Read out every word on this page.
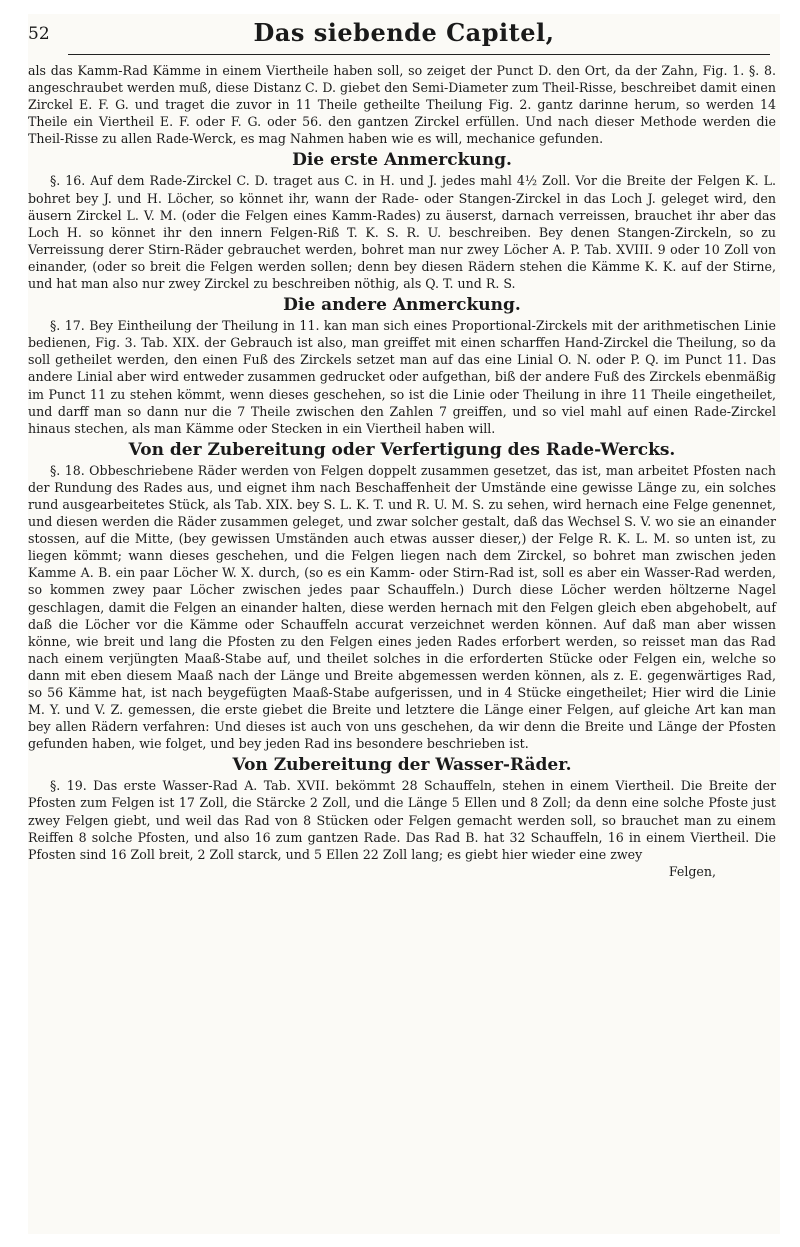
52	Das siebende Capitel,

als das Kamm-Rad Kämme in einem Viertheile haben soll, so zeiget der Punct D. den Ort, da der Zahn, Fig. 1. §. 8. angeschraubet werden muß, diese Distanz C. D. giebet den Semi-Diameter zum Theil-Risse, beschreibet damit einen Zirckel E. F. G. und traget die zuvor in 11 Theile getheilte Theilung Fig. 2. gantz darinne herum, so werden 14 Theile ein Viertheil E. F. oder F. G. oder 56. den gantzen Zirckel erfüllen. Und nach dieser Methode werden die Theil-Risse zu allen Rade-Werck, es mag Nahmen haben wie es will, mechanice gefunden.

Die erste Anmerckung.

§. 16. Auf dem Rade-Zirckel C. D. traget aus C. in H. und J. jedes mahl 4½ Zoll. Vor die Breite der Felgen K. L. bohret bey J. und H. Löcher, so könnet ihr, wann der Rade- oder Stangen-Zirckel in das Loch J. geleget wird, den äusern Zirckel L. V. M. (oder die Felgen eines Kamm-Rades) zu äuserst, darnach verreissen, brauchet ihr aber das Loch H. so könnet ihr den innern Felgen-Riß T. K. S. R. U. beschreiben. Bey denen Stangen-Zirckeln, so zu Verreissung derer Stirn-Räder gebrauchet werden, bohret man nur zwey Löcher A. P. Tab. XVIII. 9 oder 10 Zoll von einander, (oder so breit die Felgen werden sollen; denn bey diesen Rädern stehen die Kämme K. K. auf der Stirne, und hat man also nur zwey Zirckel zu beschreiben nöthig, als Q. T. und R. S.

Die andere Anmerckung.

§. 17. Bey Eintheilung der Theilung in 11. kan man sich eines Proportional-Zirckels mit der arithmetischen Linie bedienen, Fig. 3. Tab. XIX. der Gebrauch ist also, man greiffet mit einen scharffen Hand-Zirckel die Theilung, so da soll getheilet werden, den einen Fuß des Zirckels setzet man auf das eine Linial O. N. oder P. Q. im Punct 11. Das andere Linial aber wird entweder zusammen gedrucket oder aufgethan, biß der andere Fuß des Zirckels ebenmäßig im Punct 11 zu stehen kömmt, wenn dieses geschehen, so ist die Linie oder Theilung in ihre 11 Theile eingetheilet, und darff man so dann nur die 7 Theile zwischen den Zahlen 7 greiffen, und so viel mahl auf einen Rade-Zirckel hinaus stechen, als man Kämme oder Stecken in ein Viertheil haben will.

Von der Zubereitung oder Verfertigung des Rade-Wercks.

§. 18. Obbeschriebene Räder werden von Felgen doppelt zusammen gesetzet, das ist, man arbeitet Pfosten nach der Rundung des Rades aus, und eignet ihm nach Beschaffenheit der Umstände eine gewisse Länge zu, ein solches rund ausgearbeitetes Stück, als Tab. XIX. bey S. L. K. T. und R. U. M. S. zu sehen, wird hernach eine Felge genennet, und diesen werden die Räder zusammen geleget, und zwar solcher gestalt, daß das Wechsel S. V. wo sie an einander stossen, auf die Mitte, (bey gewissen Umständen auch etwas ausser dieser,) der Felge R. K. L. M. so unten ist, zu liegen kömmt; wann dieses geschehen, und die Felgen liegen nach dem Zirckel, so bohret man zwischen jeden Kamme A. B. ein paar Löcher W. X. durch, (so es ein Kamm- oder Stirn-Rad ist, soll es aber ein Wasser-Rad werden, so kommen zwey paar Löcher zwischen jedes paar Schauffeln.) Durch diese Löcher werden höltzerne Nagel geschlagen, damit die Felgen an einander halten, diese werden hernach mit den Felgen gleich eben abgehobelt, auf daß die Löcher vor die Kämme oder Schauffeln accurat verzeichnet werden können. Auf daß man aber wissen könne, wie breit und lang die Pfosten zu den Felgen eines jeden Rades erforbert werden, so reisset man das Rad nach einem verjüngten Maaß-Stabe auf, und theilet solches in die erforderten Stücke oder Felgen ein, welche so dann mit eben diesem Maaß nach der Länge und Breite abgemessen werden können, als z. E. gegenwärtiges Rad, so 56 Kämme hat, ist nach beygefügten Maaß-Stabe aufgerissen, und in 4 Stücke eingetheilet; Hier wird die Linie M. Y. und V. Z. gemessen, die erste giebet die Breite und letztere die Länge einer Felgen, auf gleiche Art kan man bey allen Rädern verfahren: Und dieses ist auch von uns geschehen, da wir denn die Breite und Länge der Pfosten gefunden haben, wie folget, und bey jeden Rad ins besondere beschrieben ist.

Von Zubereitung der Wasser-Räder.

§. 19. Das erste Wasser-Rad A. Tab. XVII. bekömmt 28 Schauffeln, stehen in einem Viertheil. Die Breite der Pfosten zum Felgen ist 17 Zoll, die Stärcke 2 Zoll, und die Länge 5 Ellen und 8 Zoll; da denn eine solche Pfoste just zwey Felgen giebt, und weil das Rad von 8 Stücken oder Felgen gemacht werden soll, so brauchet man zu einem Reiffen 8 solche Pfosten, und also 16 zum gantzen Rade. Das Rad B. hat 32 Schauffeln, 16 in einem Viertheil. Die Pfosten sind 16 Zoll breit, 2 Zoll starck, und 5 Ellen 22 Zoll lang; es giebt hier wieder eine zwey

Felgen,
